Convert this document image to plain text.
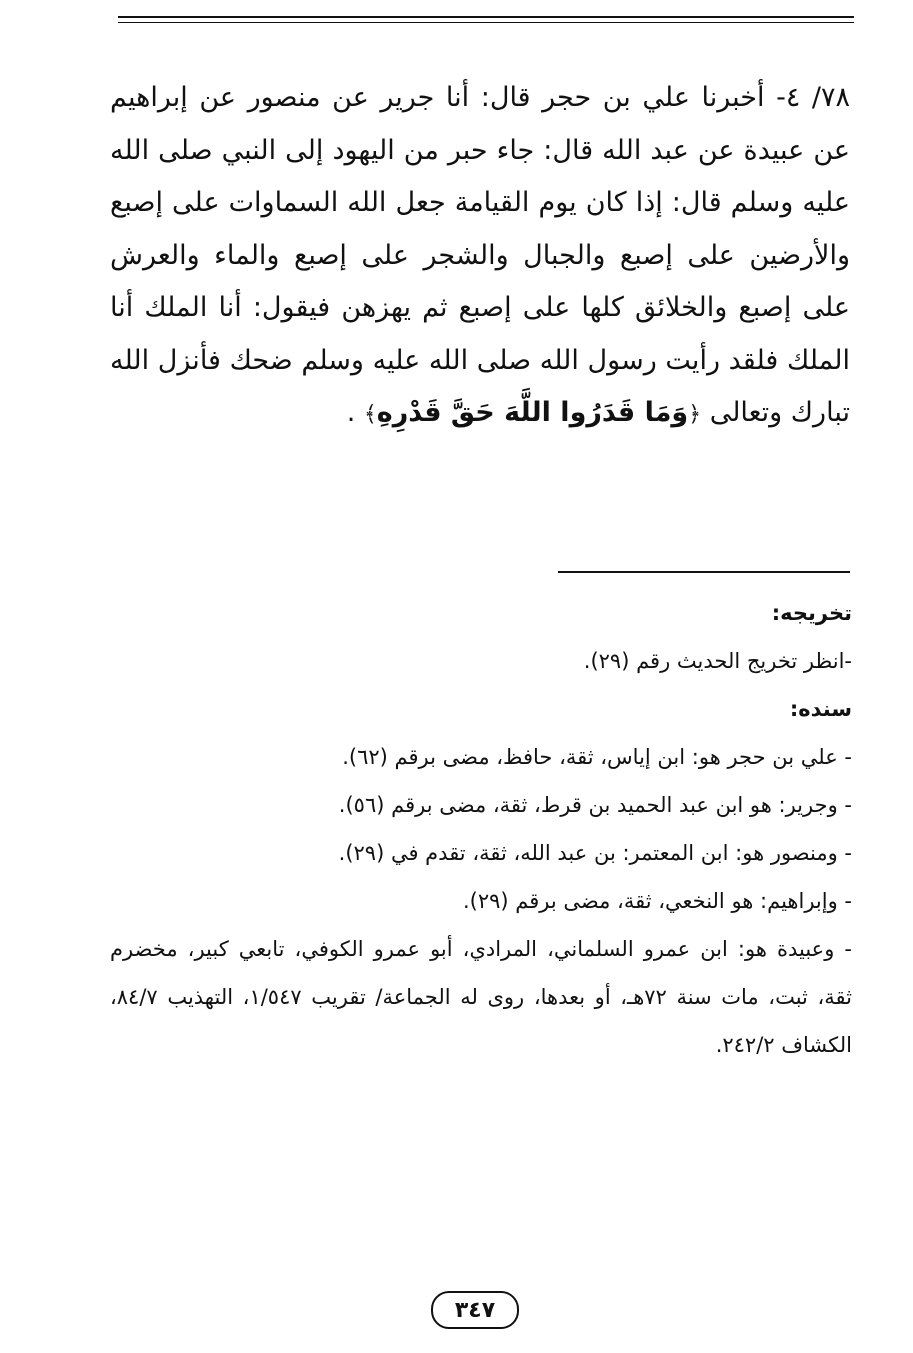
٧٨/ ٤- أخبرنا علي بن حجر قال: أنا جرير عن منصور عن إبراهيم عن عبيدة عن عبد الله قال: جاء حبر من اليهود إلى النبي صلى الله عليه وسلم قال: إذا كان يوم القيامة جعل الله السماوات على إصبع والأرضين على إصبع والجبال والشجر على إصبع والماء والعرش على إصبع والخلائق كلها على إصبع ثم يهزهن فيقول: أنا الملك أنا الملك فلقد رأيت رسول الله صلى الله عليه وسلم ضحك فأنزل الله تبارك وتعالى ﴿وَمَا قَدَرُوا اللَّهَ حَقَّ قَدْرِهِ﴾ .
تخريجه:
-انظر تخريج الحديث رقم (٢٩).
سنده:
- علي بن حجر هو: ابن إياس، ثقة، حافظ، مضى برقم (٦٢).
- وجرير: هو ابن عبد الحميد بن قرط، ثقة، مضى برقم (٥٦).
- ومنصور هو: ابن المعتمر: بن عبد الله، ثقة، تقدم في (٢٩).
- وإبراهيم: هو النخعي، ثقة، مضى برقم (٢٩).
- وعبيدة هو: ابن عمرو السلماني، المرادي، أبو عمرو الكوفي، تابعي كبير، مخضرم ثقة، ثبت، مات سنة ٧٢هـ، أو بعدها، روى له الجماعة/ تقريب ١/٥٤٧، التهذيب ٨٤/٧، الكشاف ٢٤٢/٢.
٣٤٧
